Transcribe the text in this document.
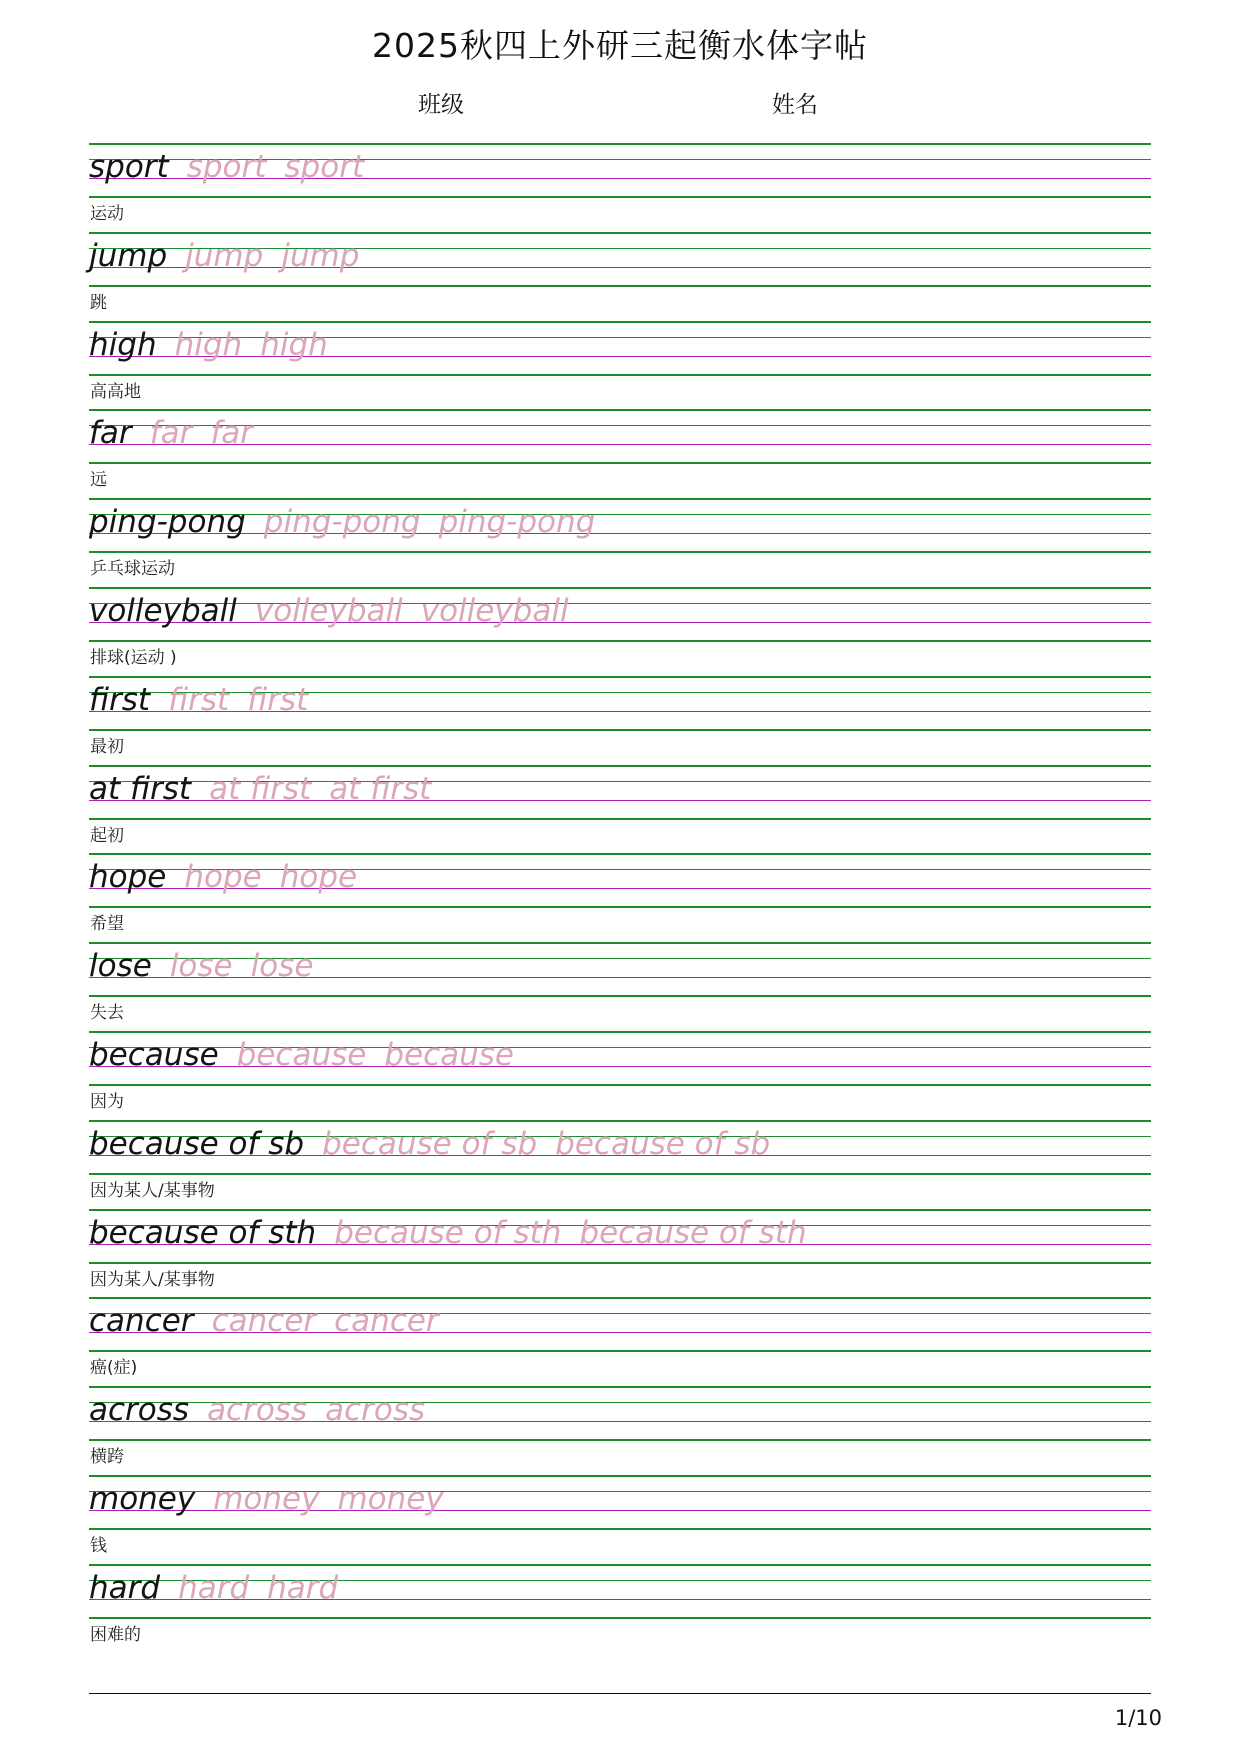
2025秋四上外研三起衡水体字帖
班级	姓名
sport sport sport
运动
jump jump jump
跳
high high high
高高地
far far far
远
ping-pong ping-pong ping-pong
乒乓球运动
volleyball volleyball volleyball
排球(运动 )
first first first
最初
at first at first at first
起初
hope hope hope
希望
lose lose lose
失去
because because because
因为
because of sb because of sb because of sb
因为某人/某事物
because of sth because of sth because of sth
因为某人/某事物
cancer cancer cancer
癌(症)
across across across
横跨
money money money
钱
hard hard hard
困难的
1/10
